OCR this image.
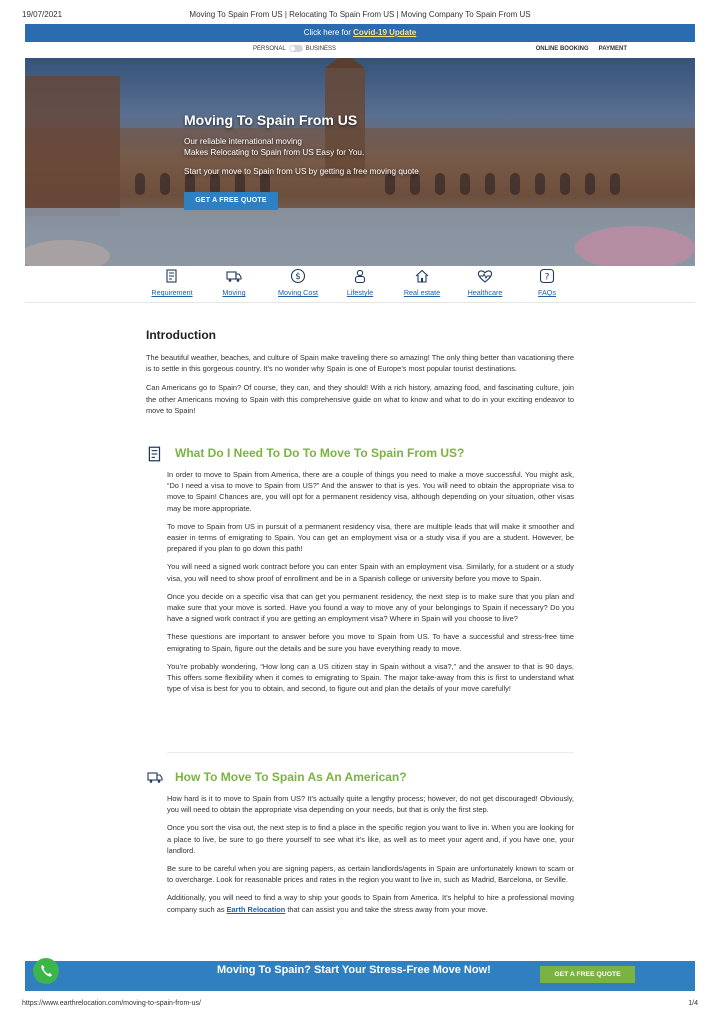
19/07/2021	Moving To Spain From US | Relocating To Spain From US | Moving Company To Spain From US
Click here for Covid-19 Update
PERSONAL	BUSINESS	ONLINE BOOKING PAYMENT
Moving To Spain From US

Our reliable international moving
Makes Relocating to Spain from US Easy for You.

Start your move to Spain from US by getting a free moving quote

GET A FREE QUOTE
Requirement	Moving
$
Moving Cost	Lifestyle	Real estate	Healthcare
?
FAQs
Introduction

The beautiful weather, beaches, and culture of Spain make traveling there so amazing! The only thing better than vacationing there is to settle in this gorgeous country. It’s no wonder why Spain is one of Europe’s most popular tourist destinations.

Can Americans go to Spain? Of course, they can, and they should! With a rich history, amazing food, and fascinating culture, join the other Americans moving to Spain with this comprehensive guide on what to know and what to do in your exciting endeavor to move to Spain!

What Do I Need To Do To Move To Spain From US?

In order to move to Spain from America, there are a couple of things you need to make a move successful. You might ask, “Do I need a visa to move to Spain from US?” And the answer to that is yes. You will need to obtain the appropriate visa to move to Spain! Chances are, you will opt for a permanent residency visa, although depending on your situation, other visas may be more appropriate.

To move to Spain from US in pursuit of a permanent residency visa, there are multiple leads that will make it smoother and easier in terms of emigrating to Spain. You can get an employment visa or a study visa if you are a student. However, be prepared if you plan to go down this path!

You will need a signed work contract before you can enter Spain with an employment visa. Similarly, for a student or a study visa, you will need to show proof of enrollment and be in a Spanish college or university before you move to Spain.

Once you decide on a specific visa that can get you permanent residency, the next step is to make sure that you plan and make sure that your move is sorted. Have you found a way to move any of your belongings to Spain if necessary? Do you have a signed work contract if you are getting an employment visa? Where in Spain will you choose to live?

These questions are important to answer before you move to Spain from US. To have a successful and stress-free time emigrating to Spain, figure out the details and be sure you have everything ready to move.

You’re probably wondering, “How long can a US citizen stay in Spain without a visa?,” and the answer to that is 90 days. This offers some flexibility when it comes to emigrating to Spain. The major take-away from this is first to understand what type of visa is best for you to obtain, and second, to figure out and plan the details of your move carefully!

How To Move To Spain As An American?

How hard is it to move to Spain from US? It’s actually quite a lengthy process; however, do not get discouraged! Obviously, you will need to obtain the appropriate visa depending on your needs, but that is only the first step.

Once you sort the visa out, the next step is to find a place in the specific region you want to live in. When you are looking for a place to live, be sure to go there yourself to see what it’s like, as well as to meet your agent and, if you have one, your landlord.

Be sure to be careful when you are signing papers, as certain landlords/agents in Spain are unfortunately known to scam or to overcharge. Look for reasonable prices and rates in the region you want to live in, such as Madrid, Barcelona, or Seville.

Additionally, you will need to find a way to ship your goods to Spain from America. It’s helpful to hire a professional moving company such as Earth Relocation that can assist you and take the stress away from your move.

Moving To Spain? Start Your Stress-Free Move Now!	GET A FREE QUOTE
https://www.earthrelocation.com/moving-to-spain-from-us/	1/4
